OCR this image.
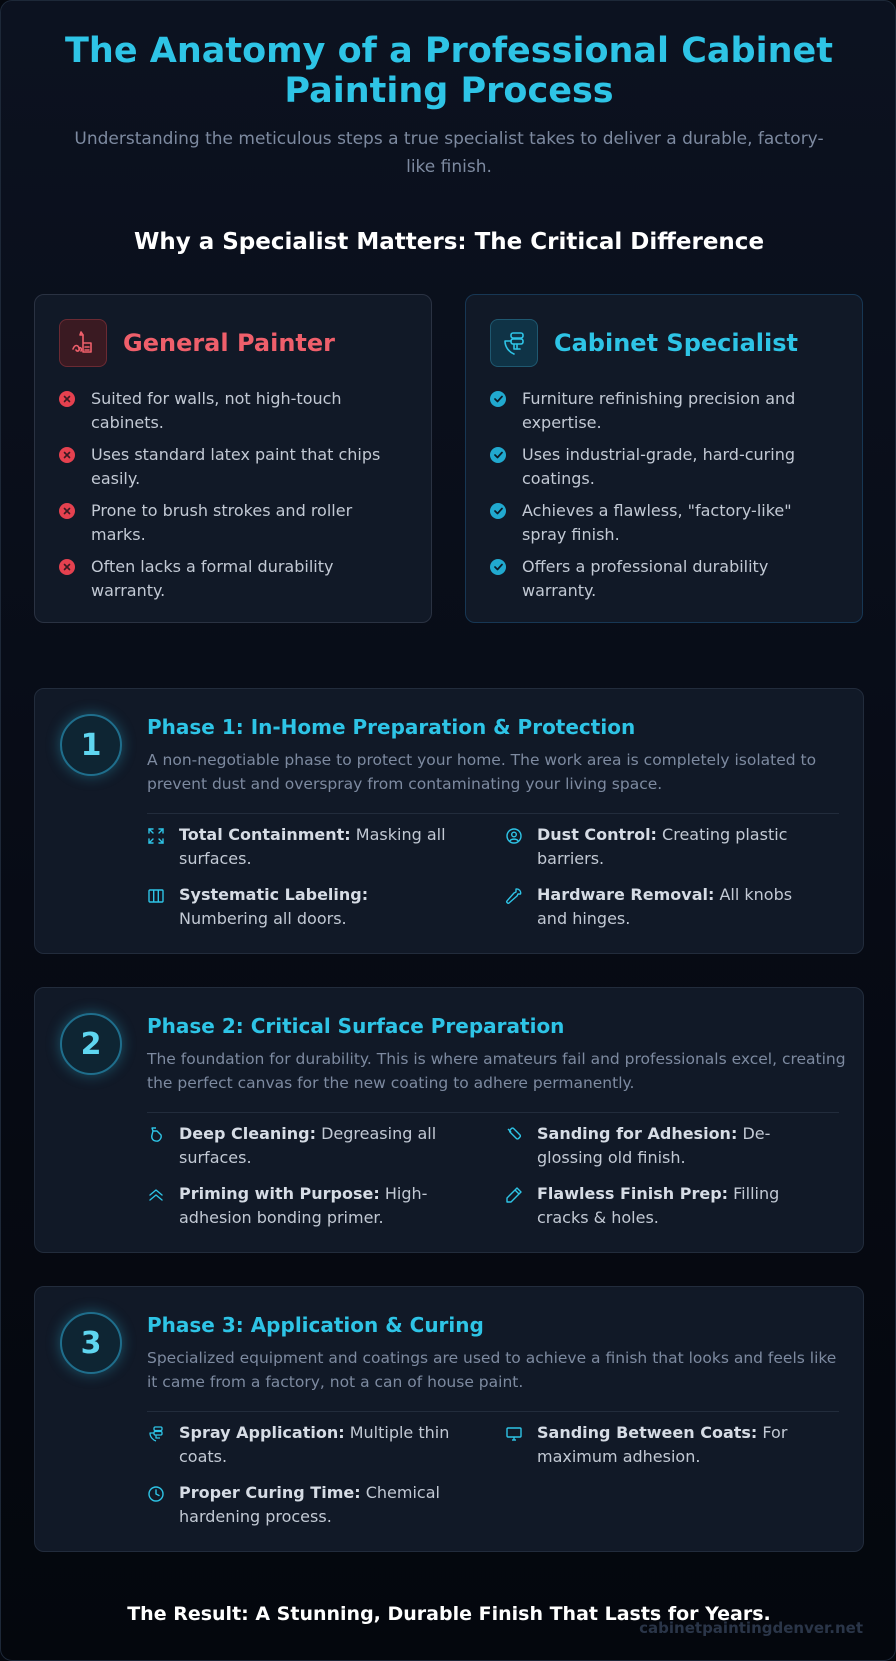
The Anatomy of a Professional Cabinet Painting Process

Understanding the meticulous steps a true specialist takes to deliver a durable, factory-like finish.

Why a Specialist Matters: The Critical Difference
General Painter
Suited for walls, not high-touch cabinets.
Uses standard latex paint that chips easily.
Prone to brush strokes and roller marks.
Often lacks a formal durability warranty.
Cabinet Specialist
Furniture refinishing precision and expertise.
Uses industrial-grade, hard-curing coatings.
Achieves a flawless, "factory-like" spray finish.
Offers a professional durability warranty.
1
Phase 1: In-Home Preparation & Protection
A non-negotiable phase to protect your home. The work area is completely isolated to prevent dust and overspray from contaminating your living space.
Total Containment: Masking all surfaces.
Dust Control: Creating plastic barriers.
Systematic Labeling: Numbering all doors.
Hardware Removal: All knobs and hinges.
2
Phase 2: Critical Surface Preparation
The foundation for durability. This is where amateurs fail and professionals excel, creating the perfect canvas for the new coating to adhere permanently.
Deep Cleaning: Degreasing all surfaces.
Sanding for Adhesion: De-glossing old finish.
Priming with Purpose: High-adhesion bonding primer.
Flawless Finish Prep: Filling cracks & holes.
3
Phase 3: Application & Curing
Specialized equipment and coatings are used to achieve a finish that looks and feels like it came from a factory, not a can of house paint.
Spray Application: Multiple thin coats.
Sanding Between Coats: For maximum adhesion.
Proper Curing Time: Chemical hardening process.
The Result: A Stunning, Durable Finish That Lasts for Years.
cabinetpaintingdenver.net
